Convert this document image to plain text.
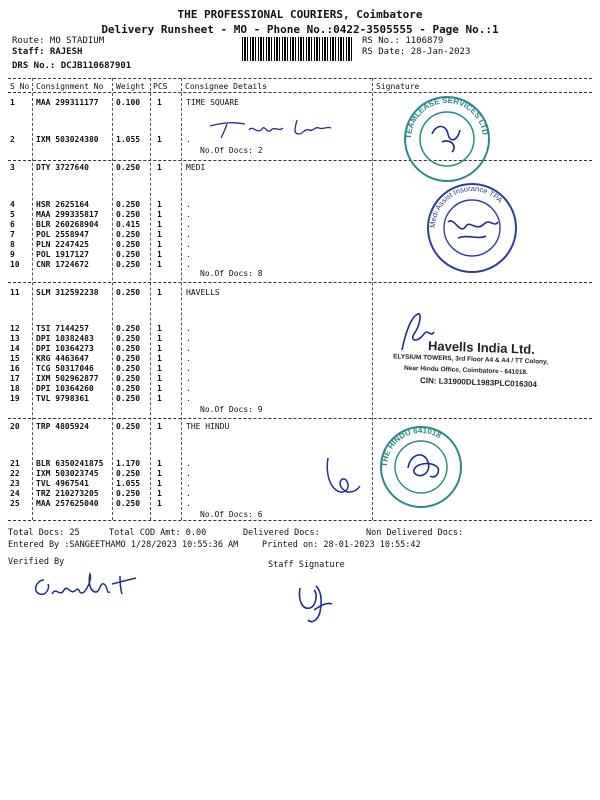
THE PROFESSIONAL COURIERS, Coimbatore
Delivery Runsheet - MO - Phone No.:0422-3505555 - Page No.:1
Route: MO STADIUM
Staff: RAJESH
DRS No.: DCJB110687901
RS No.: 1106879
RS Date: 28-Jan-2023
S No Consignment No Weight PCS Consignee Details	Signature
1	MAA 299311177 0.100 1	TIME SQUARE
2	IXM 503024380 1.055 1	.
3	DTY 3727640	0.250 1	MEDI
4	HSR 2625164	0.250 1	.
5	MAA 299335817 0.250 1	.
6	BLR 260268904 0.415 1	.
7	POL 2558947	0.250 1	.
8	PLN 2247425	0.250 1	.
9	POL 1917127	0.250 1	.
10 CNR 1724672	0.250 1	.
11 SLM 312592238 0.250 1	HAVELLS
12 TSI 7144257	0.250 1	.
13 DPI 10382483	0.250 1	.
14 DPI 10364273	0.250 1	.
15 KRG 4463647	0.250 1	.
16 TCG 50317046	0.250 1	.
17 IXM 502962877 0.250 1	.
18 DPI 10364260	0.250 1	.
19 TVL 9798361	0.250 1	.
20 TRP 4805924	0.250 1	THE HINDU
21 BLR 6350241875 1.170 1	.
22 IXM 503023745 0.250 1	.
23 TVL 4967541	1.055 1	.
24 TRZ 210273205 0.250 1	.
25 MAA 257625040 0.250 1	.
No.Of Docs: 2
No.Of Docs: 8
No.Of Docs: 9
No.Of Docs: 6
TEAMLEASE SERVICES LTD
Medi Assist Insurance TPA
Havells India Ltd.
ELYSIUM TOWERS, 3rd Floor A4 & A4 / TT Colony,
Near Hindu Office, Coimbatore - 641018.
CIN: L31900DL1983PLC016304
THE HINDU 641018
Total Docs: 25	Total COD Amt: 0.00	Delivered Docs:	Non Delivered Docs:
Entered By :SANGEETHAMO 1/28/2023 10:55:36 AM	Printed on: 28-01-2023 10:55:42
Verified By	Staff Signature
